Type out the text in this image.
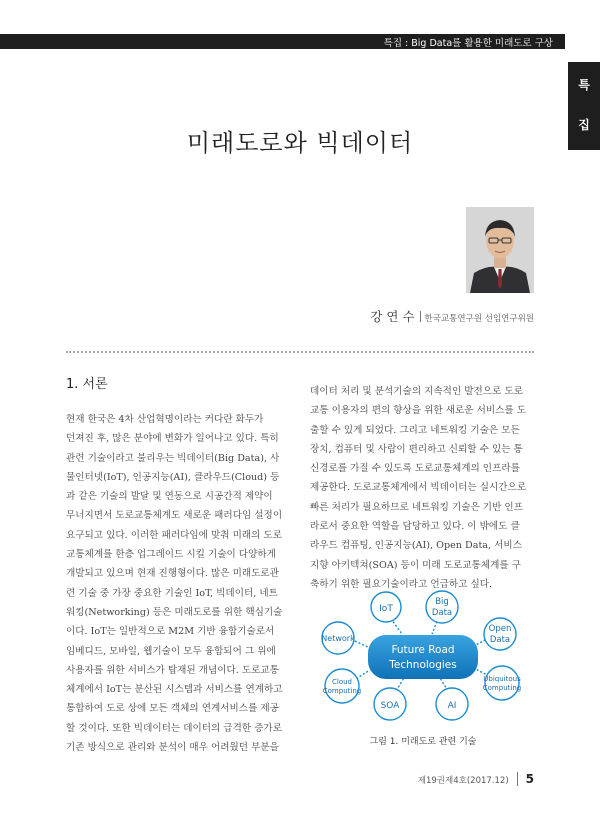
특집 : Big Data를 활용한 미래도로 구상
특
집
미래도로와 빅데이터
강 연 수 한국교통연구원 선임연구위원
1. 서론

현재 한국은 4차 산업혁명이라는 커다란 화두가

던져진 후, 많은 분야에 변화가 일어나고 있다. 특히

관련 기술이라고 불리우는 빅데이터(Big Data), 사

물인터넷(IoT), 인공지능(AI), 클라우드(Cloud) 등

과 같은 기술의 발달 및 연동으로 시공간적 제약이

무너지면서 도로교통체계도 새로운 패러다임 설정이

요구되고 있다. 이러한 패러다임에 맞춰 미래의 도로

교통체계를 한층 업그레이드 시킬 기술이 다양하게

개발되고 있으며 현재 진행형이다. 많은 미래도로관

련 기술 중 가장 중요한 기술인 IoT, 빅데이터, 네트

워킹(Networking) 등은 미래도로를 위한 핵심기술

이다. IoT는 일반적으로 M2M 기반 융합기술로서

임베디드, 모바일, 웹기술이 모두 융합되어 그 위에

사용자를 위한 서비스가 탑재된 개념이다. 도로교통

체계에서 IoT는 분산된 시스템과 서비스를 연계하고

통합하여 도로 상에 모든 객체의 연계서비스를 제공

할 것이다. 또한 빅데이터는 데이터의 급격한 증가로

기존 방식으로 관리와 분석이 매우 어려웠던 부분을

데이터 처리 및 분석기술의 지속적인 발전으로 도로

교통 이용자의 편의 향상을 위한 새로운 서비스를 도

출할 수 있게 되었다. 그리고 네트워킹 기술은 모든

장치, 컴퓨터 및 사람이 편리하고 신뢰할 수 있는 통

신경로를 가질 수 있도록 도로교통체계의 인프라를

제공한다. 도로교통체계에서 빅데이터는 실시간으로

빠른 처리가 필요하므로 네트워킹 기술은 기반 인프

라로서 중요한 역할을 담당하고 있다. 이 밖에도 클

라우드 컴퓨팅, 인공지능(AI), Open Data, 서비스

지향 아키텍쳐(SOA) 등이 미래 도로교통체계를 구

축하기 위한 필요기술이라고 언급하고 싶다.

Future Road
Technologies
IoT
Big
Data
Open
Data
Network
Ubiquitous
Computing
Cloud
Computing
SOA	AI
그림 1. 미래도로 관련 기술
제19권제4호(2017.12) 5
